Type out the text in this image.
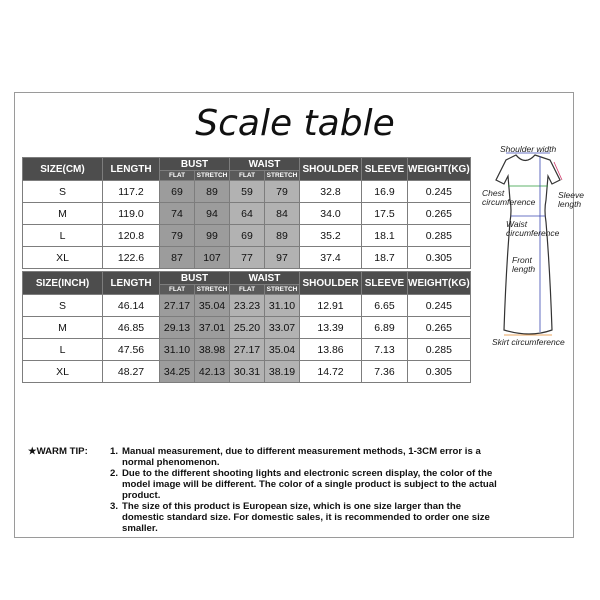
Scale table
SIZE(CM)	LENGTH	BUST		WAIST		SHOULDER	SLEEVE	WEIGHT(KG)
		FLAT	STRETCH	FLAT	STRETCH			
S	117.2	69	89	59	79	32.8	16.9	0.245
M	119.0	74	94	64	84	34.0	17.5	0.265
L	120.8	79	99	69	89	35.2	18.1	0.285
XL	122.6	87	107	77	97	37.4	18.7	0.305
SIZE(INCH)	LENGTH	BUST		WAIST		SHOULDER	SLEEVE	WEIGHT(KG)
		FLAT	STRETCH	FLAT	STRETCH			
S	46.14	27.17	35.04	23.23	31.10	12.91	6.65	0.245
M	46.85	29.13	37.01	25.20	33.07	13.39	6.89	0.265
L	47.56	31.10	38.98	27.17	35.04	13.86	7.13	0.285
XL	48.27	34.25	42.13	30.31	38.19	14.72	7.36	0.305
Shoulder width
Chest
circumference
Sleeve
length
Waist
circumference
Front
length
Skirt circumference
★WARM TIP: 1. Manual measurement, due to different measurement methods, 1-3CM error is a normal phenomenon.
2. Due to the different shooting lights and electronic screen display, the color of the model image will be different. The color of a single product is subject to the actual product.
3. The size of this product is European size, which is one size larger than the domestic standard size. For domestic sales, it is recommended to order one size smaller.
